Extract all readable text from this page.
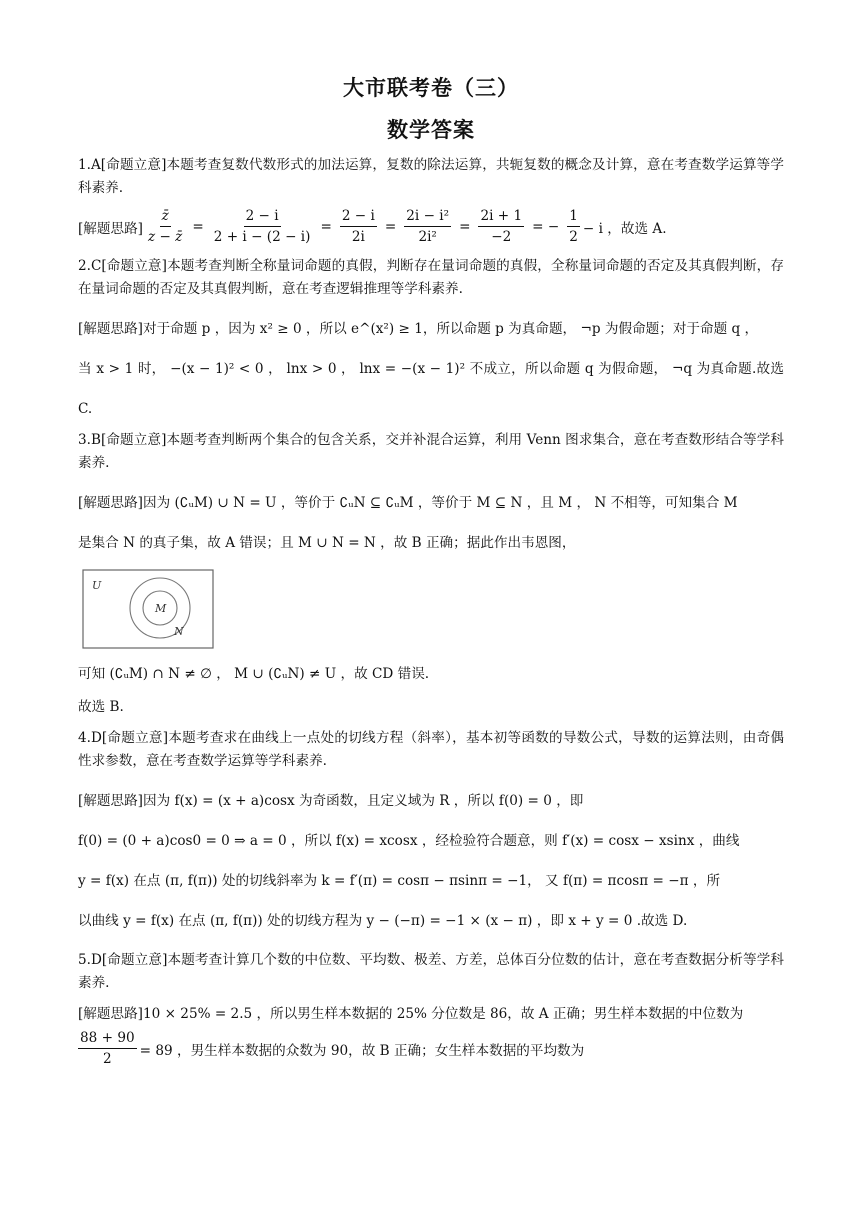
大市联考卷（三）
数学答案

1.A[命题立意]本题考查复数代数形式的加法运算，复数的除法运算，共轭复数的概念及计算，意在考查数学运算等学科素养.

[解题思路] $\frac{z̄}{z - z̄} = \frac{2 - i}{2 + i - (2 - i)} = \frac{2 - i}{2i} = \frac{\text{2i − i²}}{\text{2i²}} = \frac{2i + 1}{-2}$ = − $\frac{1}{2} - i$ ，故选 A.

2.C[命题立意]本题考查判断全称量词命题的真假，判断存在量词命题的真假，全称量词命题的否定及其真假判断，存在量词命题的否定及其真假判断，意在考查逻辑推理等学科素养.

[解题思路]对于命题 p ，因为 x² ≥ 0 ，所以 e^(x²) ≥ 1，所以命题 p 为真命题， ¬p 为假命题；对于命题 q ，

当 x > 1 时， −(x − 1)² < 0 ， lnx > 0 ， lnx = −(x − 1)² 不成立，所以命题 q 为假命题， ¬q 为真命题.故选 C.

3.B[命题立意]本题考查判断两个集合的包含关系，交并补混合运算，利用 Venn 图求集合，意在考查数形结合等学科素养.

[解题思路]因为 (∁ᵤM) ∪ N = U ，等价于 ∁ᵤN ⊆ ∁ᵤM ，等价于 M ⊆ N ，且 M ， N 不相等，可知集合 M

是集合 N 的真子集，故 A 错误；且 M ∪ N = N ，故 B 正确；据此作出韦恩图，

U
M
N

可知 (∁ᵤM) ∩ N ≠ ∅ ， M ∪ (∁ᵤN) ≠ U ，故 CD 错误.

故选 B.

4.D[命题立意]本题考查求在曲线上一点处的切线方程（斜率），基本初等函数的导数公式，导数的运算法则，由奇偶性求参数，意在考查数学运算等学科素养.

[解题思路]因为 f(x) = (x + a)cosx 为奇函数，且定义域为 R ，所以 f(0) = 0 ，即

f(0) = (0 + a)cos0 = 0 ⇒ a = 0 ，所以 f(x) = xcosx ，经检验符合题意，则 f′(x) = cosx − xsinx ，曲线

y = f(x) 在点 (π, f(π)) 处的切线斜率为 k = f′(π) = cosπ − πsinπ = −1， 又 f(π) = πcosπ = −π ，所

以曲线 y = f(x) 在点 (π, f(π)) 处的切线方程为 y − (−π) = −1 × (x − π) ，即 x + y = 0 .故选 D.

5.D[命题立意]本题考查计算几个数的中位数、平均数、极差、方差，总体百分位数的估计，意在考查数据分析等学科素养.

[解题思路]10 × 25% = 2.5 ，所以男生样本数据的 25% 分位数是 86，故 A 正确；男生样本数据的中位数为

$\frac{88 + 90}{2} = 89$ ，男生样本数据的众数为 90，故 B 正确；女生样本数据的平均数为
